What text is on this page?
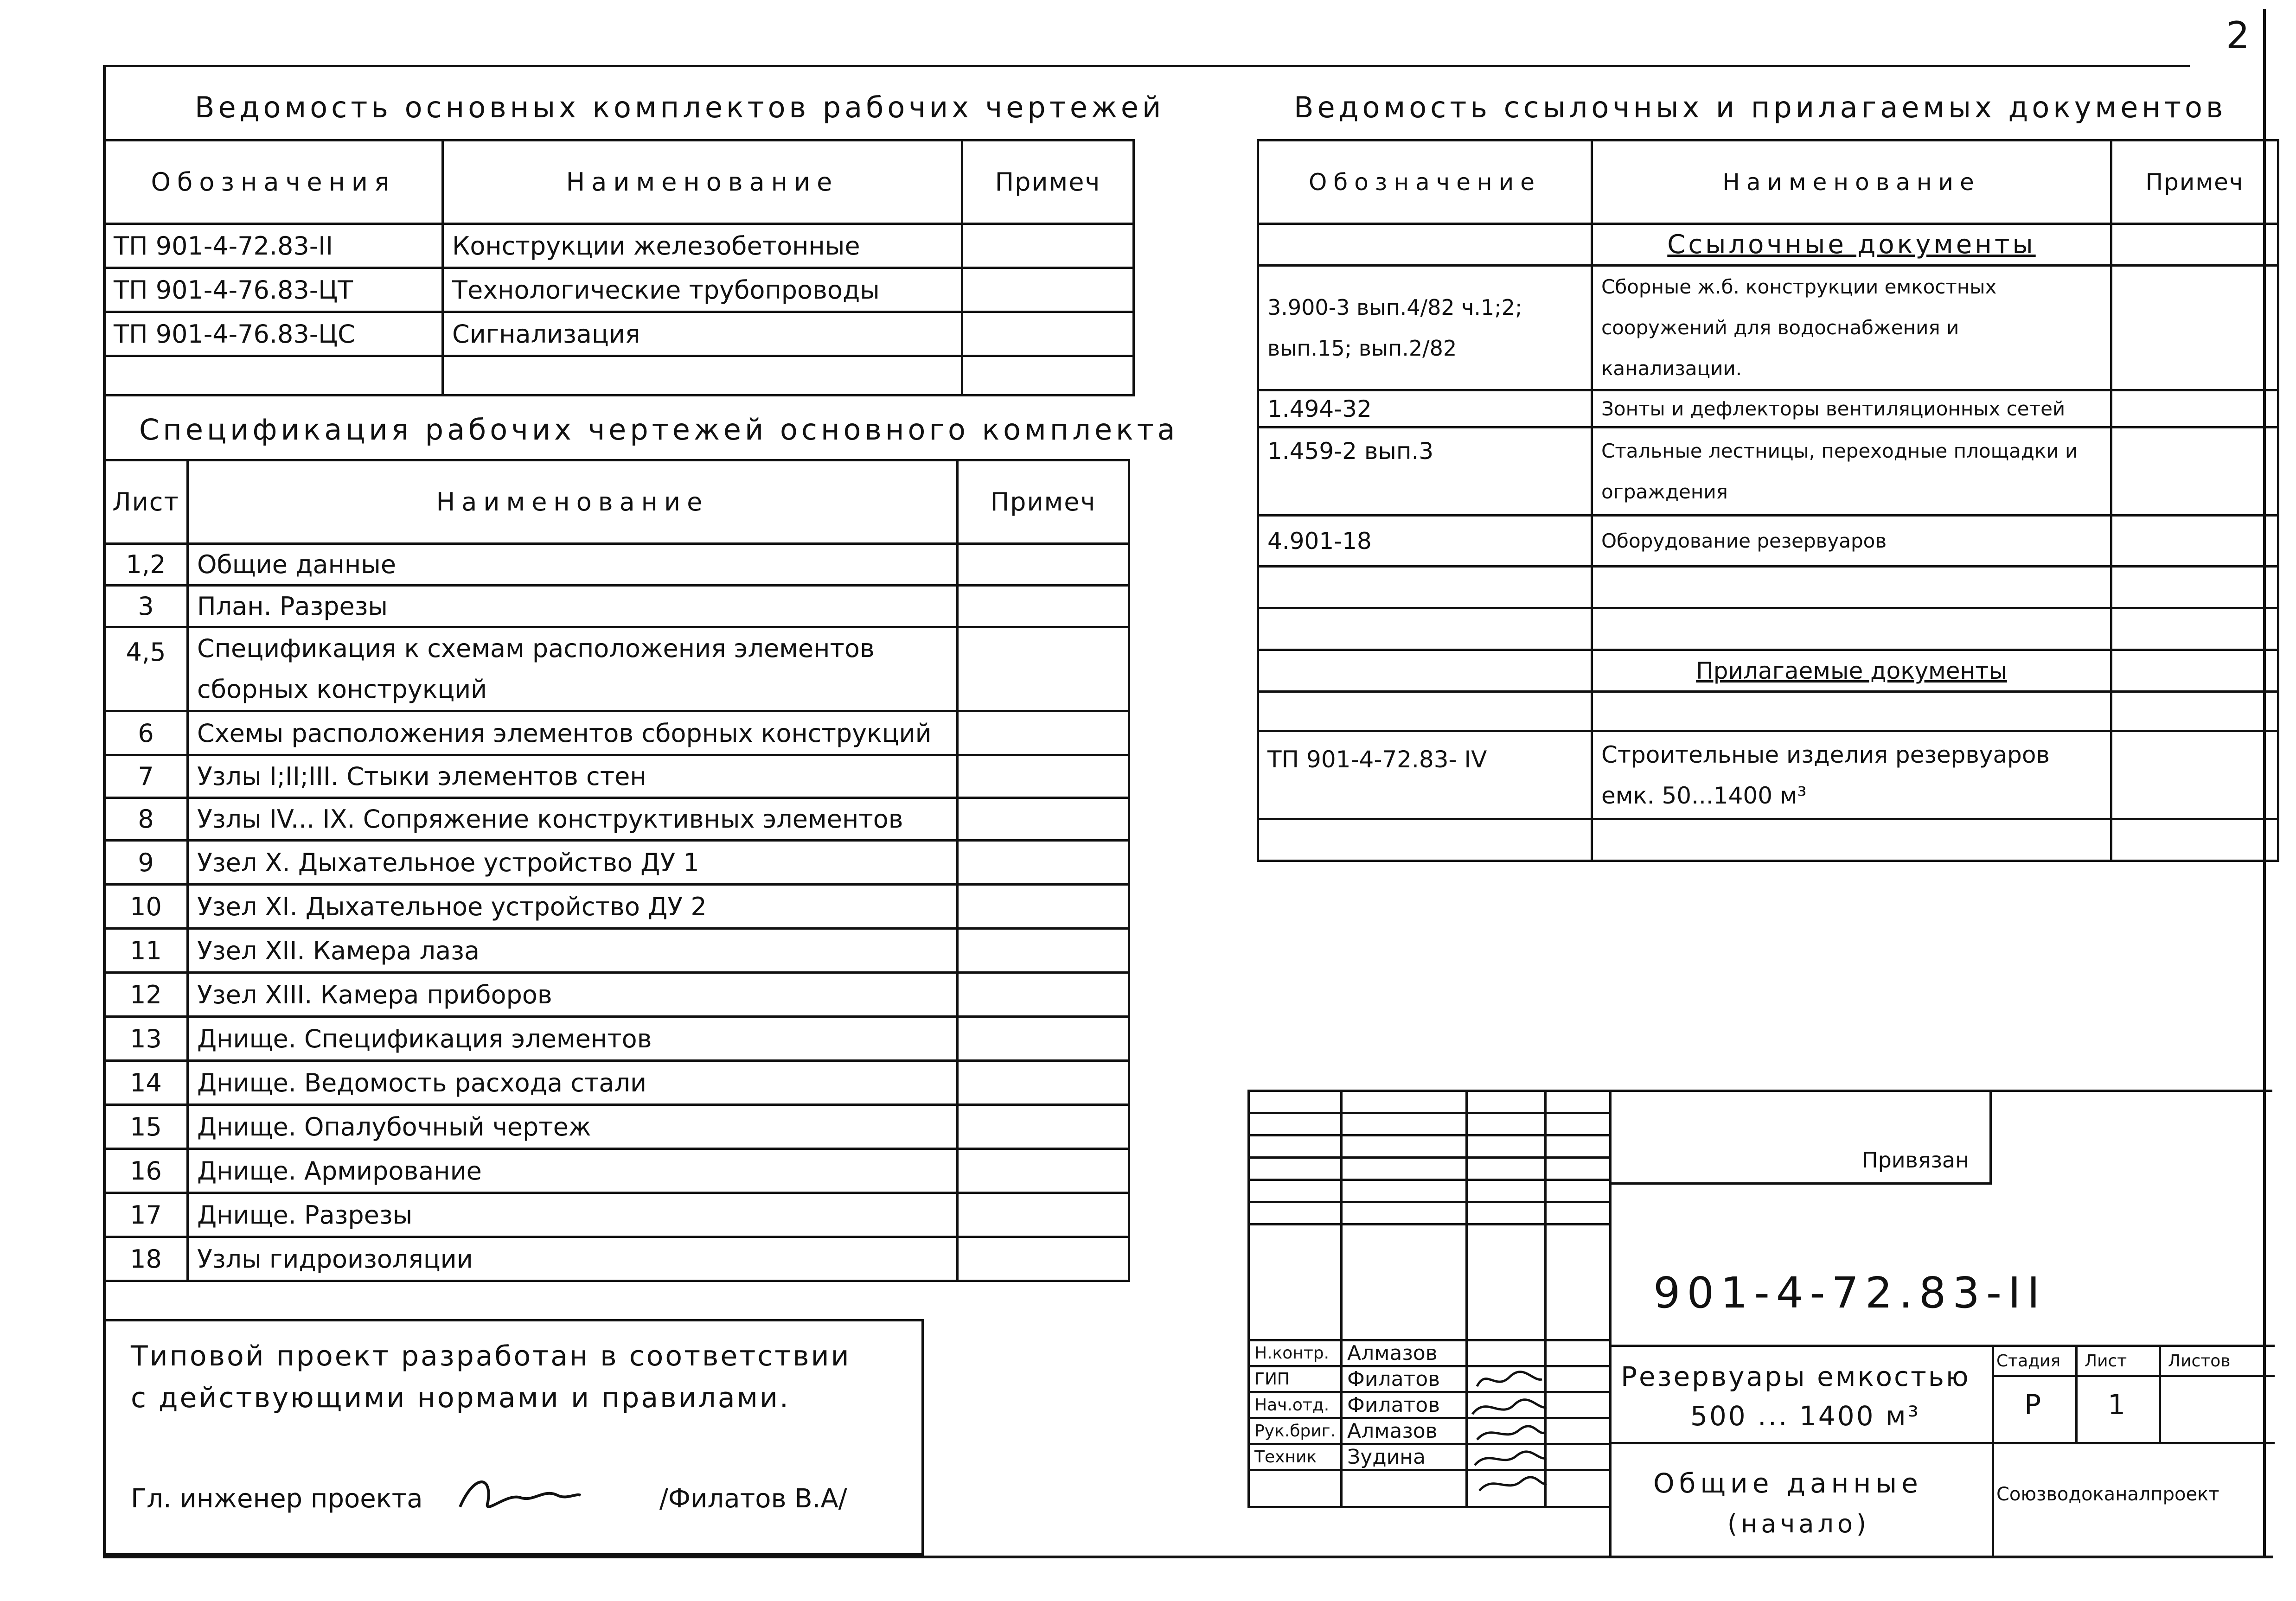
2
Ведомость основных комплектов рабочих чертежей
Обозначения	Наименование	Примеч
ТП 901-4-72.83-II	Конструкции железобетонные	
ТП 901-4-76.83-ЦТ	Технологические трубопроводы	
ТП 901-4-76.83-ЦС	Сигнализация	

Спецификация рабочих чертежей основного комплекта
Лист	Наименование	Примеч
1,2	Общие данные	
3	План. Разрезы	
4,5	Спецификация к схемам расположения элементов сборных конструкций	
6	Схемы расположения элементов сборных конструкций	
7	Узлы I;II;III. Стыки элементов стен	
8	Узлы IV... IX. Сопряжение конструктивных элементов	
9	Узел X. Дыхательное устройство ДУ 1	
10	Узел XI. Дыхательное устройство ДУ 2	
11	Узел XII. Камера лаза	
12	Узел XIII. Камера приборов	
13	Днище. Спецификация элементов	
14	Днище. Ведомость расхода стали	
15	Днище. Опалубочный чертеж	
16	Днище. Армирование	
17	Днище. Разрезы	
18	Узлы гидроизоляции	
Типовой проект разработан в соответствии
с действующими нормами и правилами.
Гл. инженер проекта	/Филатов В.А/
Ведомость ссылочных и прилагаемых документов
Обозначение	Наименование	Примеч
	Ссылочные документы	
3.900-3 вып.4/82 ч.1;2; вып.15; вып.2/82	Сборные ж.б. конструкции емкостных сооружений для водоснабжения и канализации.	
1.494-32	Зонты и дефлекторы вентиляционных сетей	
1.459-2 вып.3	Стальные лестницы, переходные площадки и ограждения	
4.901-18	Оборудование резервуаров	

	Прилагаемые документы	

ТП 901-4-72.83- IV	Строительные изделия резервуаров емк. 50...1400 м³	

Н.контр.	Алмазов		
ГИП	Филатов		
Нач.отд.	Филатов		
Рук.бриг.	Алмазов		
Техник	Зудина		

Привязан
901-4-72.83-II
Резервуары емкостью
500 ... 1400 м³
Общие данные
(начало)
Стадия Лист Листов
Р 1
Союзводоканалпроект
